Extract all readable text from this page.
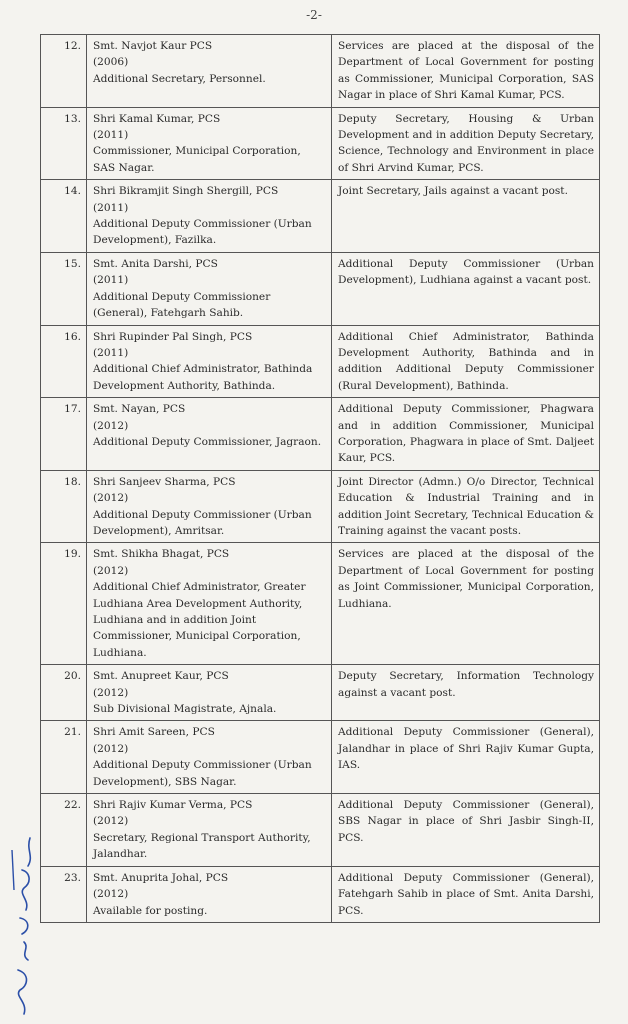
-2-
12.	Smt. Navjot Kaur PCS
(2006)
Additional Secretary, Personnel.	Services are placed at the disposal of the Department of Local Government for posting as Commissioner, Municipal Corporation, SAS Nagar in place of Shri Kamal Kumar, PCS.
13.	Shri Kamal Kumar, PCS
(2011)
Commissioner, Municipal Corporation, SAS Nagar.	Deputy Secretary, Housing & Urban Development and in addition Deputy Secretary, Science, Technology and Environment in place of Shri Arvind Kumar, PCS.
14.	Shri Bikramjit Singh Shergill, PCS
(2011)
Additional Deputy Commissioner (Urban Development), Fazilka.	Joint Secretary, Jails against a vacant post.
15.	Smt. Anita Darshi, PCS
(2011)
Additional Deputy Commissioner (General), Fatehgarh Sahib.	Additional Deputy Commissioner (Urban Development), Ludhiana against a vacant post.
16.	Shri Rupinder Pal Singh, PCS
(2011)
Additional Chief Administrator, Bathinda Development Authority, Bathinda.	Additional Chief Administrator, Bathinda Development Authority, Bathinda and in addition Additional Deputy Commissioner (Rural Development), Bathinda.
17.	Smt. Nayan, PCS
(2012)
Additional Deputy Commissioner, Jagraon.	Additional Deputy Commissioner, Phagwara and in addition Commissioner, Municipal Corporation, Phagwara in place of Smt. Daljeet Kaur, PCS.
18.	Shri Sanjeev Sharma, PCS
(2012)
Additional Deputy Commissioner (Urban Development), Amritsar.	Joint Director (Admn.) O/o Director, Technical Education & Industrial Training and in addition Joint Secretary, Technical Education & Training against the vacant posts.
19.	Smt. Shikha Bhagat, PCS
(2012)
Additional Chief Administrator, Greater Ludhiana Area Development Authority, Ludhiana and in addition Joint Commissioner, Municipal Corporation, Ludhiana.	Services are placed at the disposal of the Department of Local Government for posting as Joint Commissioner, Municipal Corporation, Ludhiana.
20.	Smt. Anupreet Kaur, PCS
(2012)
Sub Divisional Magistrate, Ajnala.	Deputy Secretary, Information Technology against a vacant post.
21.	Shri Amit Sareen, PCS
(2012)
Additional Deputy Commissioner (Urban Development), SBS Nagar.	Additional Deputy Commissioner (General), Jalandhar in place of Shri Rajiv Kumar Gupta, IAS.
22.	Shri Rajiv Kumar Verma, PCS
(2012)
Secretary, Regional Transport Authority, Jalandhar.	Additional Deputy Commissioner (General), SBS Nagar in place of Shri Jasbir Singh-II, PCS.
23.	Smt. Anuprita Johal, PCS
(2012)
Available for posting.	Additional Deputy Commissioner (General), Fatehgarh Sahib in place of Smt. Anita Darshi, PCS.
